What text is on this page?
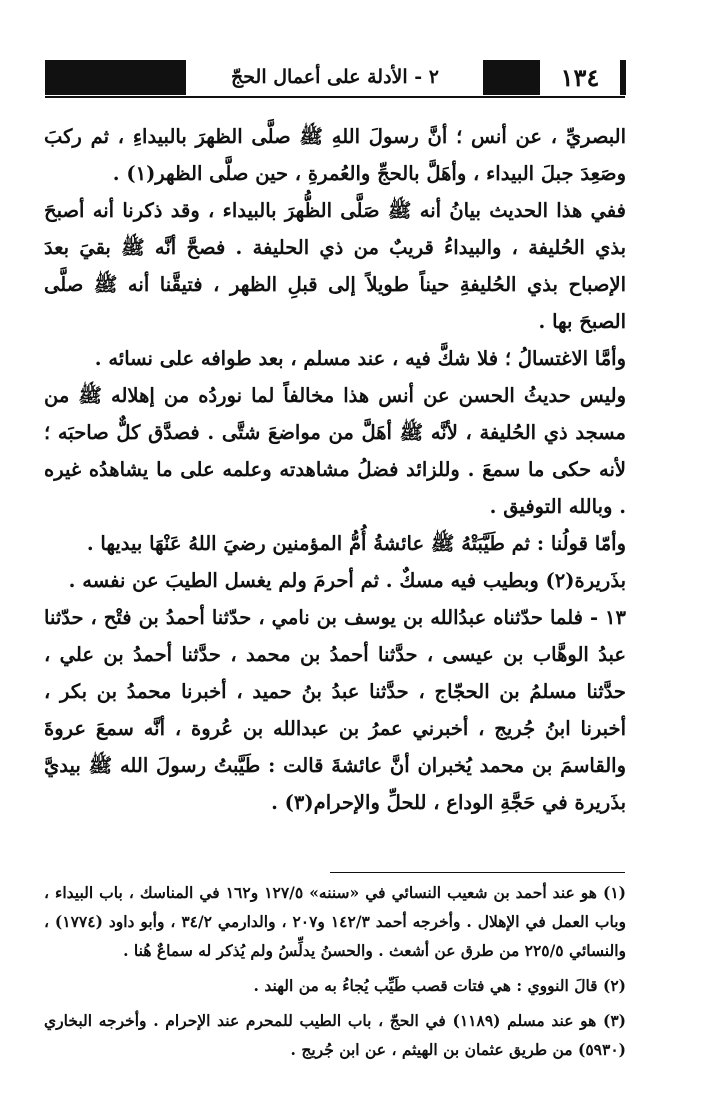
١٣٤
٢ - الأدلة على أعمال الحجّ

البصريِّ ، عن أنس ؛ أنَّ رسولَ اللهِ ﷺ صلَّى الظهرَ بالبيداءِ ، ثم ركبَ وصَعِدَ جبلَ البيداء ، وأهَلَّ بالحجِّ والعُمرةِ ، حين صلَّى الظهر(١) .

ففي هذا الحديث بيانُ أنه ﷺ صَلَّى الظُّهرَ بالبيداء ، وقد ذكرنا أنه أصبحَ بذي الحُليفة ، والبيداءُ قريبٌ من ذي الحليفة . فصحَّ أنَّه ﷺ بقيَ بعدَ الإصباح بذي الحُليفةِ حيناً طويلاً إلى قبلِ الظهر ، فتيقَّنا أنه ﷺ صلَّى الصبحَ بها .

وأمَّا الاغتسالُ ؛ فلا شكَّ فيه ، عند مسلم ، بعد طوافه على نسائه .

وليس حديثُ الحسن عن أنس هذا مخالفاً لما نوردُه من إهلاله ﷺ من مسجد ذي الحُليفة ، لأنَّه ﷺ أهَلَّ من مواضعَ شتَّى . فصدَّق كلٌّ صاحبَه ؛ لأنه حكى ما سمعَ . وللزائد فضلُ مشاهدته وعلمه على ما يشاهدُه غيره . وبالله التوفيق .

وأمّا قولُنا : ثم طَيَّبَتْهُ ﷺ عائشةُ أُمُّ المؤمنين رضيَ اللهُ عَنْهَا بيديها .

بذَريرة(٢) وبطيب فيه مسكٌ . ثم أحرمَ ولم يغسل الطيبَ عن نفسه .

١٣ - فلما حدّثناه عبدُالله بن يوسف بن نامي ، حدّثنا أحمدُ بن فتْح ، حدّثنا عبدُ الوهَّاب بن عيسى ، حدَّثنا أحمدُ بن محمد ، حدَّثنا أحمدُ بن علي ، حدَّثنا مسلمُ بن الحجّاج ، حدَّثنا عبدُ بنُ حميد ، أخبرنا محمدُ بن بكر ، أخبرنا ابنُ جُريج ، أخبرني عمرُ بن عبدالله بن عُروة ، أنَّه سمعَ عروةَ والقاسمَ بن محمد يُخبران أنَّ عائشةَ قالت : طَيَّبتُ رسولَ الله ﷺ بيديَّ بذَريرة في حَجَّةِ الوداع ، للحلِّ والإحرام(٣) .

(١) هو عند أحمد بن شعيب النسائي في «سننه» ١٢٧/٥ و١٦٢ في المناسك ، باب البيداء ، وباب العمل في الإهلال . وأخرجه أحمد ١٤٢/٣ و٢٠٧ ، والدارمي ٣٤/٢ ، وأبو داود (١٧٧٤) ، والنسائي ٢٢٥/٥ من طرق عن أشعث . والحسنُ يدلِّسُ ولم يُذكر له سماعٌ هُنا .

(٢) قالَ النووي : هي فتات قصب طَيِّب يُجاءُ به من الهند .

(٣) هو عند مسلم (١١٨٩) في الحجّ ، باب الطيب للمحرم عند الإحرام . وأخرجه البخاري (٥٩٣٠) من طريق عثمان بن الهيثم ، عن ابن جُريج .
